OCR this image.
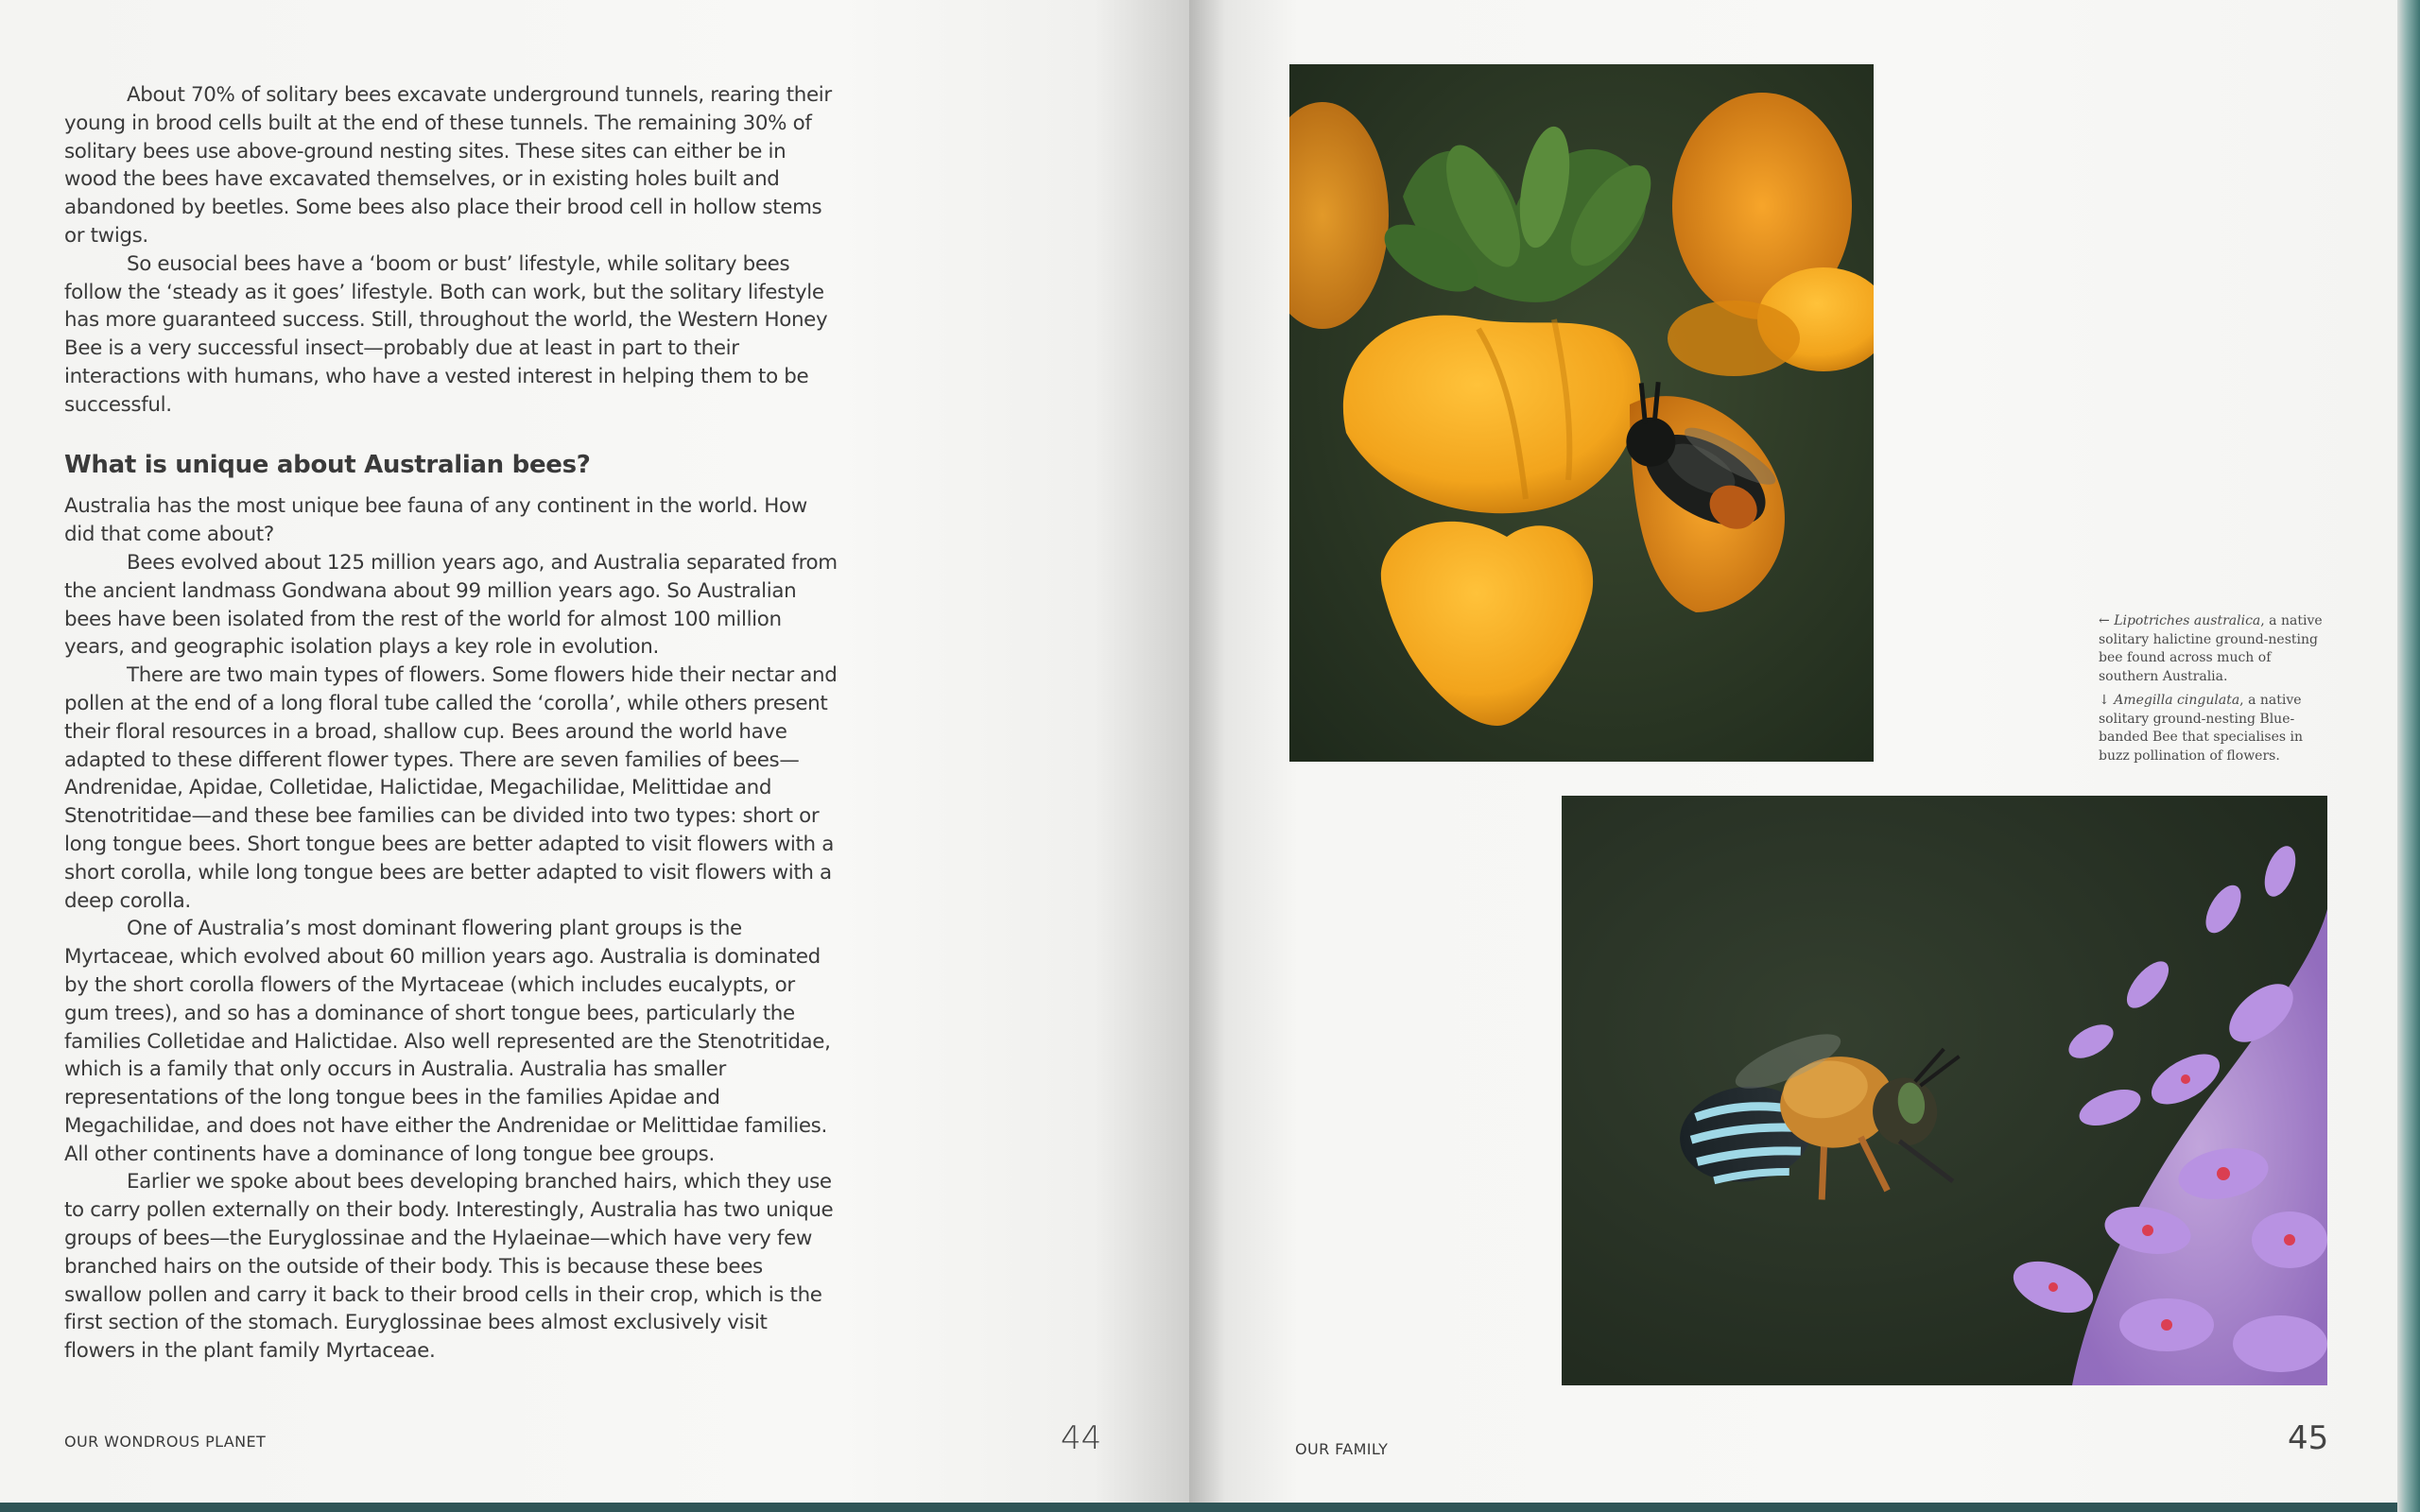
About 70% of solitary bees excavate underground tunnels, rearing their young in brood cells built at the end of these tunnels. The remaining 30% of solitary bees use above-ground nesting sites. These sites can either be in wood the bees have excavated themselves, or in existing holes built and abandoned by beetles. Some bees also place their brood cell in hollow stems or twigs.

So eusocial bees have a ‘boom or bust’ lifestyle, while solitary bees follow the ‘steady as it goes’ lifestyle. Both can work, but the solitary lifestyle has more guaranteed success. Still, throughout the world, the Western Honey Bee is a very successful insect—probably due at least in part to their interactions with humans, who have a vested interest in helping them to be successful.

What is unique about Australian bees?

Australia has the most unique bee fauna of any continent in the world. How did that come about?

Bees evolved about 125 million years ago, and Australia separated from the ancient landmass Gondwana about 99 million years ago. So Australian bees have been isolated from the rest of the world for almost 100 million years, and geographic isolation plays a key role in evolution.

There are two main types of flowers. Some flowers hide their nectar and pollen at the end of a long floral tube called the ‘corolla’, while others present their floral resources in a broad, shallow cup. Bees around the world have adapted to these different flower types. There are seven families of bees—Andrenidae, Apidae, Colletidae, Halictidae, Megachilidae, Melittidae and Stenotritidae—and these bee families can be divided into two types: short or long tongue bees. Short tongue bees are better adapted to visit flowers with a short corolla, while long tongue bees are better adapted to visit flowers with a deep corolla.

One of Australia’s most dominant flowering plant groups is the Myrtaceae, which evolved about 60 million years ago. Australia is dominated by the short corolla flowers of the Myrtaceae (which includes eucalypts, or gum trees), and so has a dominance of short tongue bees, particularly the families Colletidae and Halictidae. Also well represented are the Stenotritidae, which is a family that only occurs in Australia. Australia has smaller representations of the long tongue bees in the families Apidae and Megachilidae, and does not have either the Andrenidae or Melittidae families. All other continents have a dominance of long tongue bee groups.

Earlier we spoke about bees developing branched hairs, which they use to carry pollen externally on their body. Interestingly, Australia has two unique groups of bees—the Euryglossinae and the Hylaeinae—which have very few branched hairs on the outside of their body. This is because these bees swallow pollen and carry it back to their brood cells in their crop, which is the first section of the stomach. Euryglossinae bees almost exclusively visit flowers in the plant family Myrtaceae.

OUR WONDROUS PLANET	44

← Lipotriches australica, a native solitary halictine ground-nesting bee found across much of southern Australia.

↓ Amegilla cingulata, a native solitary ground-nesting Blue-banded Bee that specialises in buzz pollination of flowers.

OUR FAMILY	45
